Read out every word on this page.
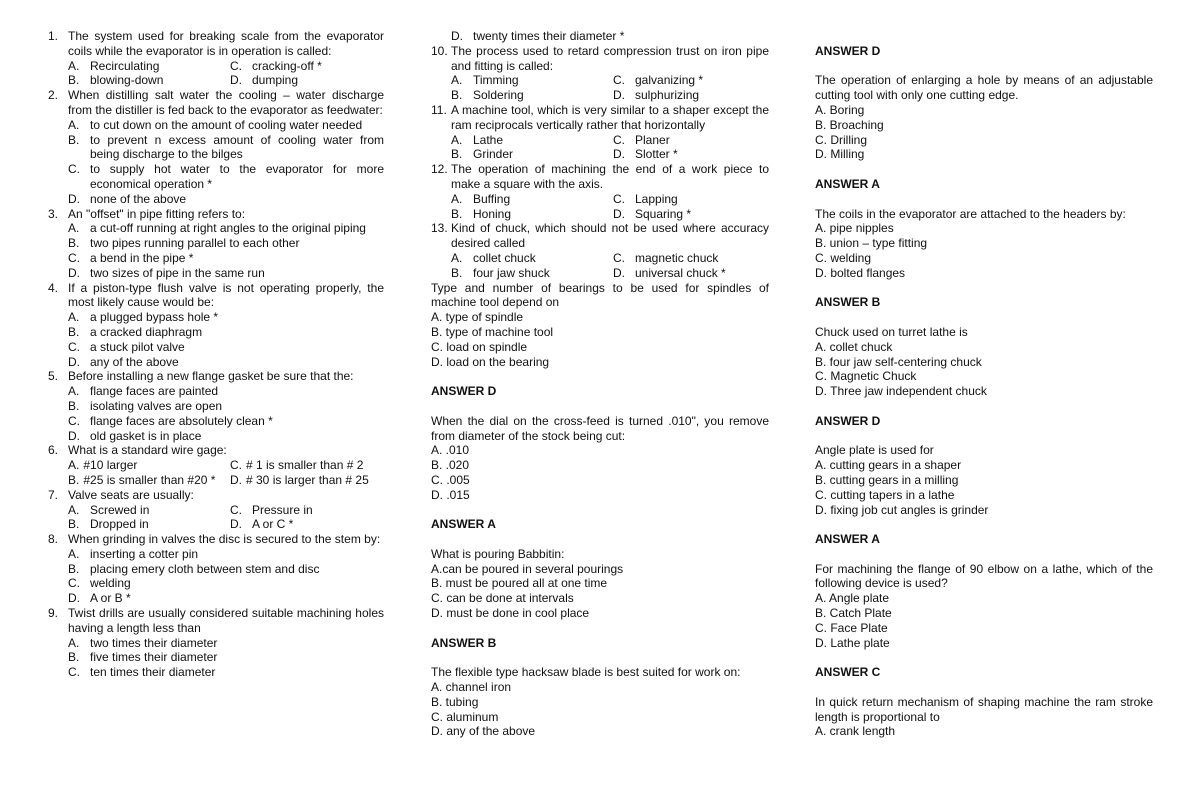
1. The system used for breaking scale from the evaporator coils while the evaporator is in operation is called:
A. Recirculating	C. cracking-off *
B. blowing-down	D. dumping
2. When distilling salt water the cooling – water discharge from the distiller is fed back to the evaporator as feedwater:
A. to cut down on the amount of cooling water needed
B. to prevent n excess amount of cooling water from being discharge to the bilges
C. to supply hot water to the evaporator for more economical operation *
D. none of the above
3. An "offset" in pipe fitting refers to:
A. a cut-off running at right angles to the original piping
B. two pipes running parallel to each other
C. a bend in the pipe *
D. two sizes of pipe in the same run
4. If a piston-type flush valve is not operating properly, the most likely cause would be:
A. a plugged bypass hole *
B. a cracked diaphragm
C. a stuck pilot valve
D. any of the above
5. Before installing a new flange gasket be sure that the:
A. flange faces are painted
B. isolating valves are open
C. flange faces are absolutely clean *
D. old gasket is in place
6. What is a standard wire gage:
A. #10 larger	C. # 1 is smaller than # 2
B. #25 is smaller than #20 *	D. # 30 is larger than # 25
7. Valve seats are usually:
A. Screwed in	C. Pressure in
B. Dropped in	D. A or C *
8. When grinding in valves the disc is secured to the stem by:
A. inserting a cotter pin
B. placing emery cloth between stem and disc
C. welding
D. A or B *
9. Twist drills are usually considered suitable machining holes having a length less than
A. two times their diameter
B. five times their diameter
C. ten times their diameter
D. twenty times their diameter *
10. The process used to retard compression trust on iron pipe and fitting is called:
A. Timming	C. galvanizing *
B. Soldering	D. sulphurizing
11. A machine tool, which is very similar to a shaper except the ram reciprocals vertically rather that horizontally
A. Lathe	C. Planer
B. Grinder	D. Slotter *
12. The operation of machining the end of a work piece to make a square with the axis.
A. Buffing	C. Lapping
B. Honing	D. Squaring *
13. Kind of chuck, which should not be used where accuracy desired called
A. collet chuck	C. magnetic chuck
B. four jaw shuck	D. universal chuck *
Type and number of bearings to be used for spindles of machine tool depend on
A. type of spindle
B. type of machine tool
C. load on spindle
D. load on the bearing
ANSWER D
When the dial on the cross-feed is turned .010", you remove from diameter of the stock being cut:
A. .010
B. .020
C. .005
D. .015
ANSWER A
What is pouring Babbitin:
A.can be poured in several pourings
B. must be poured all at one time
C. can be done at intervals
D. must be done in cool place
ANSWER B
The flexible type hacksaw blade is best suited for work on:
A. channel iron
B. tubing
C. aluminum
D. any of the above
ANSWER D
The operation of enlarging a hole by means of an adjustable cutting tool with only one cutting edge.
A. Boring
B. Broaching
C. Drilling
D. Milling
ANSWER A
The coils in the evaporator are attached to the headers by:
A. pipe nipples
B. union – type fitting
C. welding
D. bolted flanges
ANSWER B
Chuck used on turret lathe is
A. collet chuck
B. four jaw self-centering chuck
C. Magnetic Chuck
D. Three jaw independent chuck
ANSWER D
Angle plate is used for
A. cutting gears in a shaper
B. cutting gears in a milling
C. cutting tapers in a lathe
D. fixing job cut angles is grinder
ANSWER A
For machining the flange of 90 elbow on a lathe, which of the following device is used?
A. Angle plate
B. Catch Plate
C. Face Plate
D. Lathe plate
ANSWER C
In quick return mechanism of shaping machine the ram stroke length is proportional to
A. crank length
